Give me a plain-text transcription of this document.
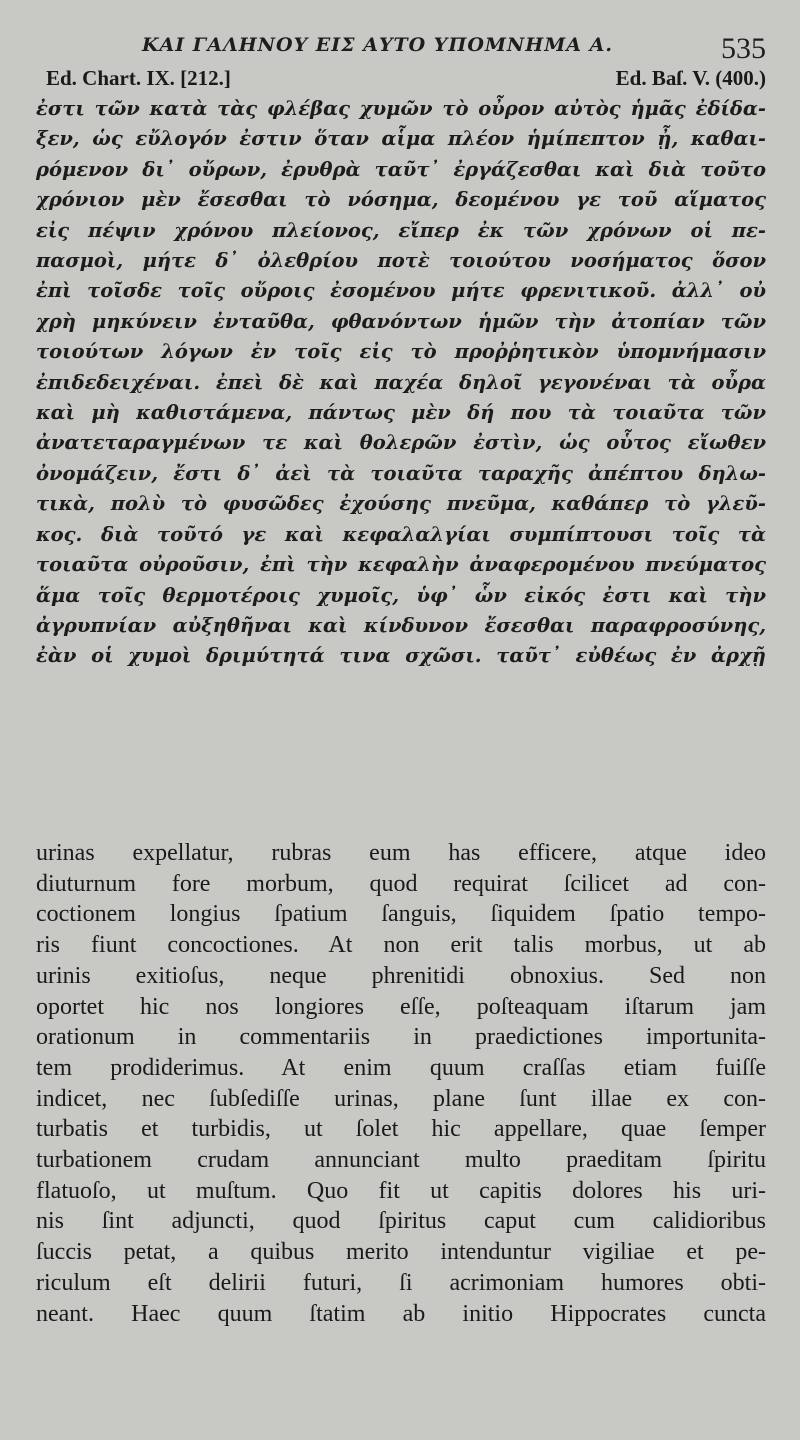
ΚΑΙ ΓΑΛΗΝΟΥ ΕΙΣ ΑΥΤΟ ΥΠΟΜΝΗΜΑ Α.	535
Ed. Chart. IX. [212.]	Ed. Baſ. V. (400.)
ἐστι τῶν κατὰ τὰς φλέβας χυμῶν τὸ οὖρον αὐτὸς ἡμᾶς ἐδίδα-
ξεν, ὡς εὔλογόν ἐστιν ὅταν αἷμα πλέον ἡμίπεπτον ᾖ, καθαι-
ρόμενον δι᾽ οὔρων, ἐρυθρὰ ταῦτ᾽ ἐργάζεσθαι καὶ διὰ τοῦτο
χρόνιον μὲν ἔσεσθαι τὸ νόσημα, δεομένου γε τοῦ αἵματος
εἰς πέψιν χρόνου πλείονος, εἴπερ ἐκ τῶν χρόνων οἱ πε-
πασμοὶ, μήτε δ᾽ ὀλεθρίου ποτὲ τοιούτου νοσήματος ὅσον
ἐπὶ τοῖσδε τοῖς οὔροις ἐσομένου μήτε φρενιτικοῦ. ἀλλ᾽ οὐ
χρὴ μηκύνειν ἐνταῦθα, φθανόντων ἡμῶν τὴν ἀτοπίαν τῶν
τοιούτων λόγων ἐν τοῖς εἰς τὸ προῤῥητικὸν ὑπομνήμασιν
ἐπιδεδειχέναι. ἐπεὶ δὲ καὶ παχέα δηλοῖ γεγονέναι τὰ οὖρα
καὶ μὴ καθιστάμενα, πάντως μὲν δή που τὰ τοιαῦτα τῶν
ἀνατεταραγμένων τε καὶ θολερῶν ἐστὶν, ὡς οὗτος εἴωθεν
ὀνομάζειν, ἔστι δ᾽ ἀεὶ τὰ τοιαῦτα ταραχῆς ἀπέπτου δηλω-
τικὰ, πολὺ τὸ φυσῶδες ἐχούσης πνεῦμα, καθάπερ τὸ γλεῦ-
κος. διὰ τοῦτό γε καὶ κεφαλαλγίαι συμπίπτουσι τοῖς τὰ
τοιαῦτα οὐροῦσιν, ἐπὶ τὴν κεφαλὴν ἀναφερομένου πνεύματος
ἅμα τοῖς θερμοτέροις χυμοῖς, ὑφ᾽ ὧν εἰκός ἐστι καὶ τὴν
ἀγρυπνίαν αὐξηθῆναι καὶ κίνδυνον ἔσεσθαι παραφροσύνης,
ἐὰν οἱ χυμοὶ δριμύτητά τινα σχῶσι. ταῦτ᾽ εὐθέως ἐν ἀρχῇ
urinas expellatur, rubras eum has efficere, atque ideo
diuturnum fore morbum, quod requirat ſcilicet ad con-
coctionem longius ſpatium ſanguis, ſiquidem ſpatio tempo-
ris fiunt concoctiones. At non erit talis morbus, ut ab
urinis exitioſus, neque phrenitidi obnoxius. Sed non
oportet hic nos longiores eſſe, poſteaquam iſtarum jam
orationum in commentariis in praedictiones importunita-
tem prodiderimus. At enim quum craſſas etiam fuiſſe
indicet, nec ſubſediſſe urinas, plane ſunt illae ex con-
turbatis et turbidis, ut ſolet hic appellare, quae ſemper
turbationem crudam annunciant multo praeditam ſpiritu
flatuoſo, ut muſtum. Quo fit ut capitis dolores his uri-
nis ſint adjuncti, quod ſpiritus caput cum calidioribus
ſuccis petat, a quibus merito intenduntur vigiliae et pe-
riculum eſt delirii futuri, ſi acrimoniam humores obti-
neant. Haec quum ſtatim ab initio Hippocrates cuncta
